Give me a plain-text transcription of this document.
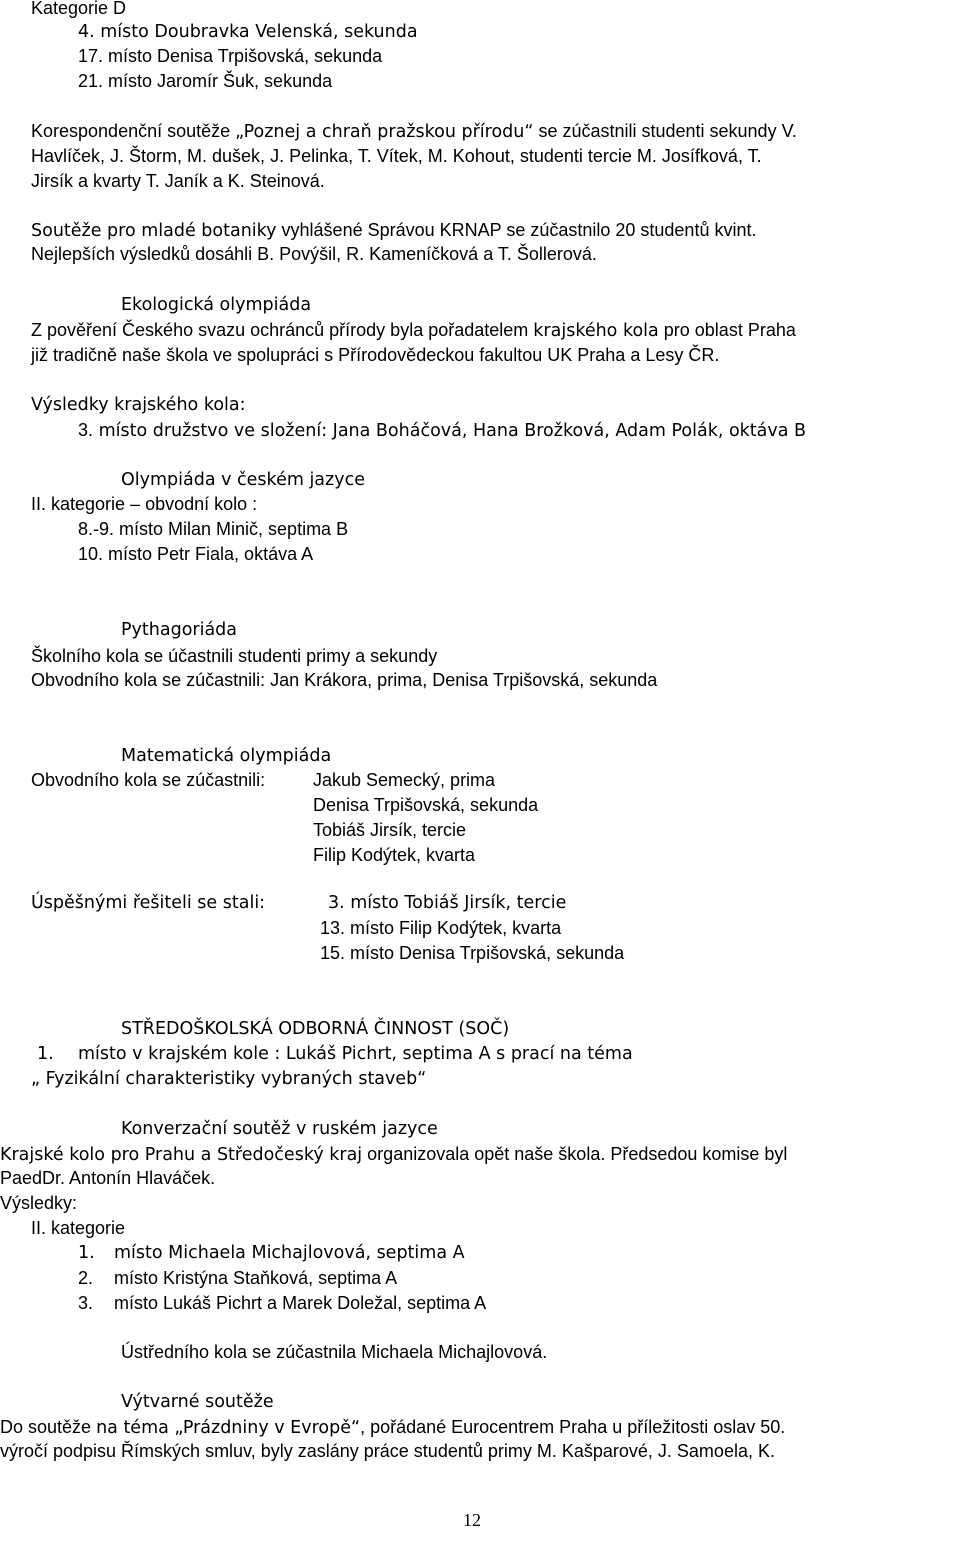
Kategorie D
4. místo Doubravka Velenská, sekunda
17. místo Denisa Trpišovská, sekunda
21. místo Jaromír Šuk, sekunda
Korespondenční soutěže „Poznej a chraň pražskou přírodu“ se zúčastnili studenti sekundy V.
Havlíček, J. Štorm, M. dušek, J. Pelinka, T. Vítek, M. Kohout, studenti tercie M. Josífková, T.
Jirsík a kvarty T. Janík a K. Steinová.
Soutěže pro mladé botaniky vyhlášené Správou KRNAP se zúčastnilo 20 studentů kvint.
Nejlepších výsledků dosáhli B. Povýšil, R. Kameníčková a T. Šollerová.
Ekologická olympiáda
Z pověření Českého svazu ochránců přírody byla pořadatelem krajského kola pro oblast Praha
již tradičně naše škola ve spolupráci s Přírodovědeckou fakultou UK Praha a Lesy ČR.
Výsledky krajského kola:
3. místo družstvo ve složení: Jana Boháčová, Hana Brožková, Adam Polák, oktáva B
Olympiáda v českém jazyce
II. kategorie – obvodní kolo :
8.-9. místo Milan Minič, septima B
10. místo Petr Fiala, oktáva A
Pythagoriáda
Školního kola se účastnili studenti primy a sekundy
Obvodního kola se zúčastnili: Jan Krákora, prima, Denisa Trpišovská, sekunda
Matematická olympiáda
Obvodního kola se zúčastnili:	Jakub Semecký, prima
Denisa Trpišovská, sekunda
Tobiáš Jirsík, tercie
Filip Kodýtek, kvarta
Úspěšnými řešiteli se stali:	3. místo Tobiáš Jirsík, tercie
13. místo Filip Kodýtek, kvarta
15. místo Denisa Trpišovská, sekunda
STŘEDOŠKOLSKÁ ODBORNÁ ČINNOST (SOČ)
1. místo v krajském kole : Lukáš Pichrt, septima A s prací na téma
„ Fyzikální charakteristiky vybraných staveb“
Konverzační soutěž v ruském jazyce
Krajské kolo pro Prahu a Středočeský kraj organizovala opět naše škola. Předsedou komise byl
PaedDr. Antonín Hlaváček.
Výsledky:
II. kategorie
1. místo Michaela Michajlovová, septima A
2. místo Kristýna Staňková, septima A
3. místo Lukáš Pichrt a Marek Doležal, septima A
Ústředního kola se zúčastnila Michaela Michajlovová.
Výtvarné soutěže
Do soutěže na téma „Prázdniny v Evropě“, pořádané Eurocentrem Praha u příležitosti oslav 50.
výročí podpisu Římských smluv, byly zaslány práce studentů primy M. Kašparové, J. Samoela, K.
12
